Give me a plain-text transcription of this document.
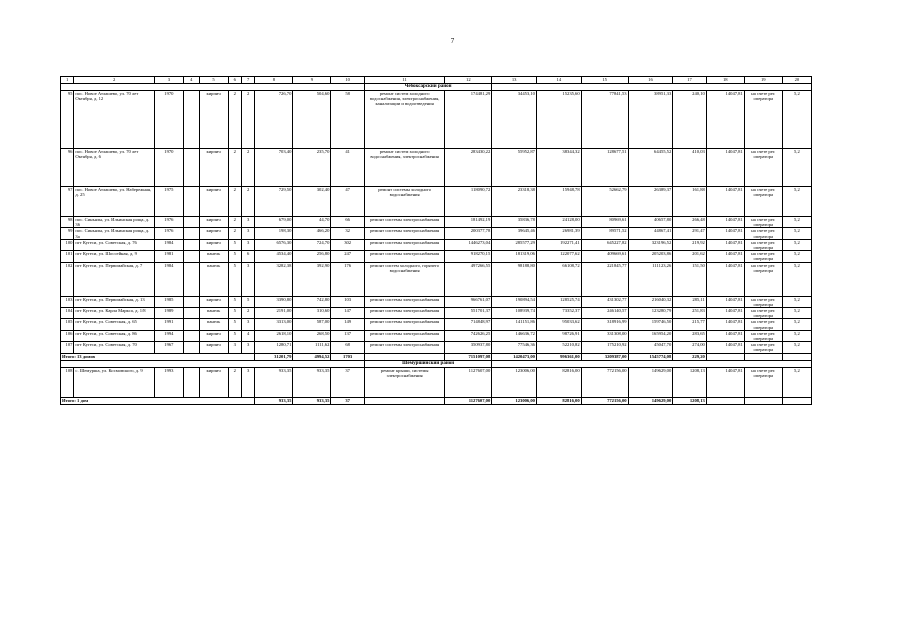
7
1	2	3	4	5	6	7	8	9	10	11	12	13	14	15	16	17	18	19	20
										Чебоксарский район									
95	пос. Новое Атлашево, ул. 70 лет Октября, д. 12	1970		кирпич	2	2	726,70	504,60	58	ремонт систем холодного водоснабжения, электроснабжения, канализации и водоотведения	174481,29	34453,10	15235,60	77841,53	38951,33	240,10	14047,81	на счете рег. оператора	5,2
96	пос. Новое Атлашево, ул. 70 лет Октября, д. 6	1970		кирпич	2	2	703,40	235,70	41	ремонт систем холодного водоснабжения, электроснабжения	283430,22	55952,87	38344,32	128677,51	64455,52	410,03	14047,81	на счете рег. оператора	5,2
97	пос. Новое Атлашево, ул. Набережная, д. 25	1975		кирпич	2	2	729,50	302,40	47	ремонт системы холодного водоснабжения	118090,72	23318,38	15948,78	52662,79	26389,37	161,88	14047,81	на счете рег. оператора	5,2
98	пос. Синьялы, ул. Ильинская роща, д. 36	1976		кирпич	2	3	679,00	44,70	66	ремонт системы электроснабжения	181492,19	35836,78	24128,00	80969,61	40657,80	266,48	14047,81	на счете рег. оператора	5,2
99	пос. Синьялы, ул. Ильинская роща, д. 3а	1976		кирпич	2	3	198,30	466,20	32	ремонт системы электроснабжения	200377,78	39645,46	26981,39	89571,52	44867,41	291,47	14047,81	на счете рег. оператора	5,2
100	пгт Кугеси, ул. Советская, д. 76	1984		кирпич	5	3	6576,30	724,70	302	ремонт системы электроснабжения	1446273,04	285577,29	192271,41	645227,82	323196,52	219,92	14047,81	на счете рег. оператора	5,2
101	пгт Кугеси, ул. Шоссейная, д. 9	1981		панель	5	6	4534,40	256,80	247	ремонт системы электроснабжения	918270,15	181319,06	122077,62	409669,61	205203,86	201,62	14047,81	на счете рег. оператора	5,2
102	пгт Кугеси, ул. Первомайская, д. 7	1984		панель	5	3	3282,38	392,90	176	ремонт систем холодного, горячего водоснабжения	497266,55	98188,80	66108,72	221845,77	111123,26	151,50	14047,81	на счете рег. оператора	5,2
103	пгт Кугеси, ул. Первомайская, д. 13	1985		кирпич	5	5	3390,80	742,80	103	ремонт системы электроснабжения	966761,07	190894,54	128525,74	431302,77	216040,32	285,11	14047,81	на счете рег. оператора	5,2
104	пгт Кугеси, ул. Карла Маркса, д. 1/8	1989		панель	5	2	2191,00	310,60	147	ремонт системы электроснабжения	551701,37	108939,74	73352,37	246140,57	123280,79	251,83	14047,81	на счете рег. оператора	5,2
105	пгт Кугеси, ул. Советская, д. 65	1991		панель	5	3	3313,00	587,00	149	ремонт системы электроснабжения	714848,97	141151,86	95033,62	318916,99	159746,50	215,77	14047,81	на счете рег. оператора	5,2
106	пгт Кугеси, ул. Советская, д. 86	1994		кирпич	5	4	2618,10	268,50	137	ремонт системы электроснабжения	742626,25	146636,72	98726,91	331308,00	165954,20	283,65	14047,81	на счете рег. оператора	5,2
107	пгт Кугеси, ул. Советская, д. 70	1967		кирпич	3	3	1280,71	1111,62	68	ремонт системы электроснабжения	350937,80	77546,36	52210,82	175210,92	45047,70	274,00	14047,81	на счете рег. оператора	5,2
Итого: 13 домов							31201,79	4994,52	1703		7151097,08	1420473,00	996361,00	3209387,00	1545774,08	229,20			
										Шемуршинский район									
108	с. Шемурша, ул. Космовского, д. 9	1993		кирпич	2	3	933,35	933,35	37	ремонт крыши, системы электроснабжения	1127607,00	123006,00	82816,00	772156,00	149629,00	1208,13	14047,81	на счете рег. оператора	5,2
Итого: 1 дом							933,35	933,35	37		1127607,00	123006,00	82816,00	772156,00	149629,00	1208,13			
